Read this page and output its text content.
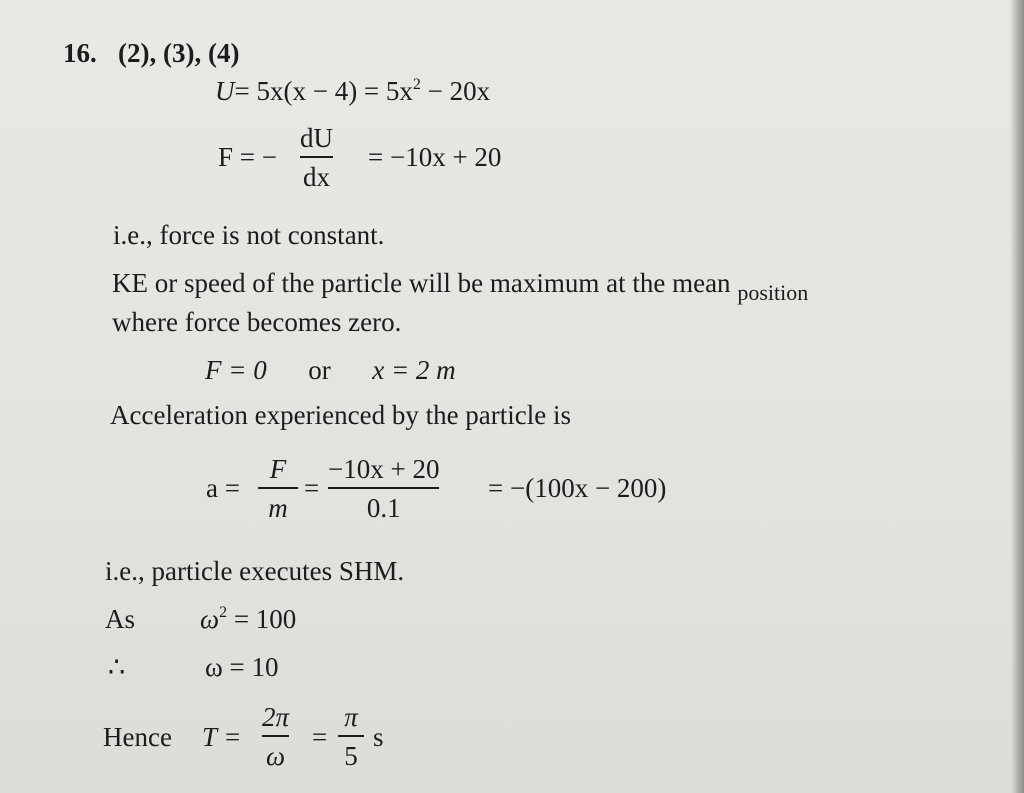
16. (2), (3), (4)
$U= 5x(x - 4) = 5x^2 - 20x$
F = −
dU
dx
= −10x + 20
i.e., force is not constant.
KE or speed of the particle will be maximum at the mean $_{position}$
where force becomes zero.
F = 0 or x = 2 m
Acceleration experienced by the particle is
a =
F
m
=
−10x + 20
0.1
= −(100x − 200)
i.e., particle executes SHM.
As $\omega^2 = 100$
∴	ω = 10
Hence T =
2π
ω
=
π
5
s
